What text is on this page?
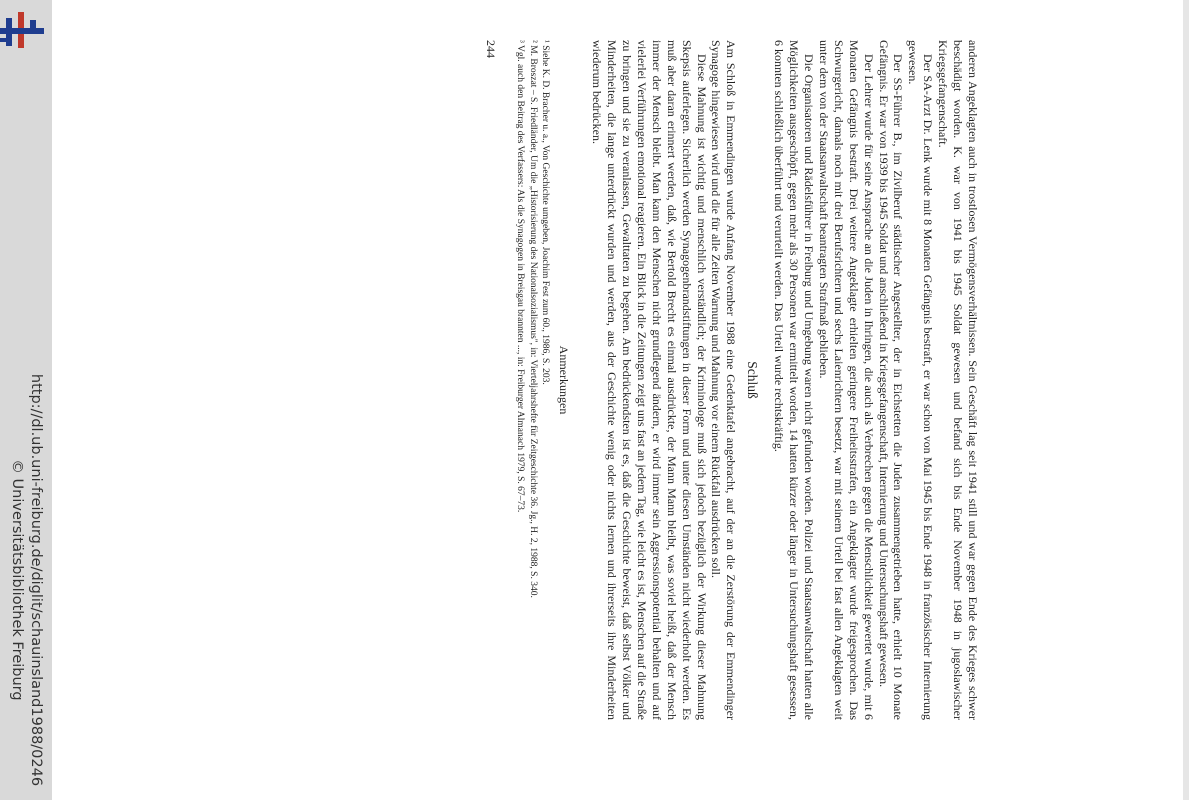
http://dl.ub.uni-freiburg.de/diglit/schauinsland1988/0246
© Universitätsbibliothek Freiburg	anderen Angeklagten auch in trostlosen Vermögensverhältnissen. Sein Geschäft lag seit 1941 still und war gegen Ende des Krieges schwer beschädigt worden. K. war von 1941 bis 1945 Soldat gewesen und befand sich bis Ende November 1948 in jugoslawischer Kriegsgefangenschaft.

Der SA-Arzt Dr. Lenk wurde mit 8 Monaten Gefängnis bestraft, er war schon von Mai 1945 bis Ende 1948 in französischer Internierung gewesen.

Der SS-Führer B., im Zivilberuf städtischer Angestellter, der in Eichstetten die Juden zusammengetrieben hatte, erhielt 10 Monate Gefängnis. Er war von 1939 bis 1945 Soldat und anschließend in Kriegsgefangenschaft, Internierung und Untersuchungshaft gewesen.

Der Lehrer wurde für seine Ansprache an die Juden in Ihringen, die auch als Verbrechen gegen die Menschlichkeit gewertet wurde, mit 6 Monaten Gefängnis bestraft. Drei weitere Angeklagte erhielten geringere Freiheitsstrafen, ein Angeklagter wurde freigesprochen. Das Schwurgericht, damals noch mit drei Berufsrichtern und sechs Laienrichtern besetzt, war mit seinem Urteil bei fast allen Angeklagten weit unter dem von der Staatsanwaltschaft beantragten Strafmaß geblieben.

Die Organisatoren und Rädelsführer in Freiburg und Umgebung waren nicht gefunden worden. Polizei und Staatsanwaltschaft hatten alle Möglichkeiten ausgeschöpft, gegen mehr als 30 Personen war ermittelt worden, 14 hatten kürzer oder länger in Untersuchungshaft gesessen, 6 konnten schließlich überführt und verurteilt werden. Das Urteil wurde rechtskräftig.

Schluß

Am Schloß in Emmendingen wurde Anfang November 1988 eine Gedenktafel angebracht, auf der an die Zerstörung der Emmendinger Synagoge hingewiesen wird und die für alle Zeiten Warnung und Mahnung vor einem Rückfall ausdrücken soll.

Diese Mahnung ist wichtig und menschlich verständlich; der Kriminologe muß sich jedoch bezüglich der Wirkung dieser Mahnung Skepsis auferlegen. Sicherlich werden Synagogenbrandstiftungen in dieser Form und unter diesen Umständen nicht wiederholt werden. Es muß aber daran erinnert werden, daß, wie Bertold Brecht es einmal ausdrückte, der Mann Mann bleibt, was soviel heißt, daß der Mensch immer der Mensch bleibt. Man kann den Menschen nicht grundlegend ändern, er wird immer sein Aggressionspotential behalten und auf vielerlei Verführungen emotional reagieren. Ein Blick in die Zeitungen zeigt uns fast an jedem Tag, wie leicht es ist, Menschen auf die Straße zu bringen und sie zu veranlassen, Gewalttaten zu begehen. Am bedrückendsten ist es, daß die Geschichte beweist, daß selbst Völker und Minderheiten, die lange unterdrückt wurden und werden, aus der Geschichte wenig oder nichts lernen und ihrerseits ihre Minderheiten wiederum bedrücken.

Anmerkungen
¹ Siehe K. D. Bracher u. a., Von Geschichte umgeben, Joachim Fest zum 60., 1986, S. 203.
² M. Broszat – S. Friedländer, Um die „Historisierung des Nationalsozialismus", in: Vierteljahrshefte für Zeitgeschichte 36. Jg., H. 2, 1988, S. 340.
³ Vgl. auch den Beitrag des Verfassers: Als die Synagogen in Breisgau brannten ..., in: Freiburger Almanach 1979, S. 67–73.
244
